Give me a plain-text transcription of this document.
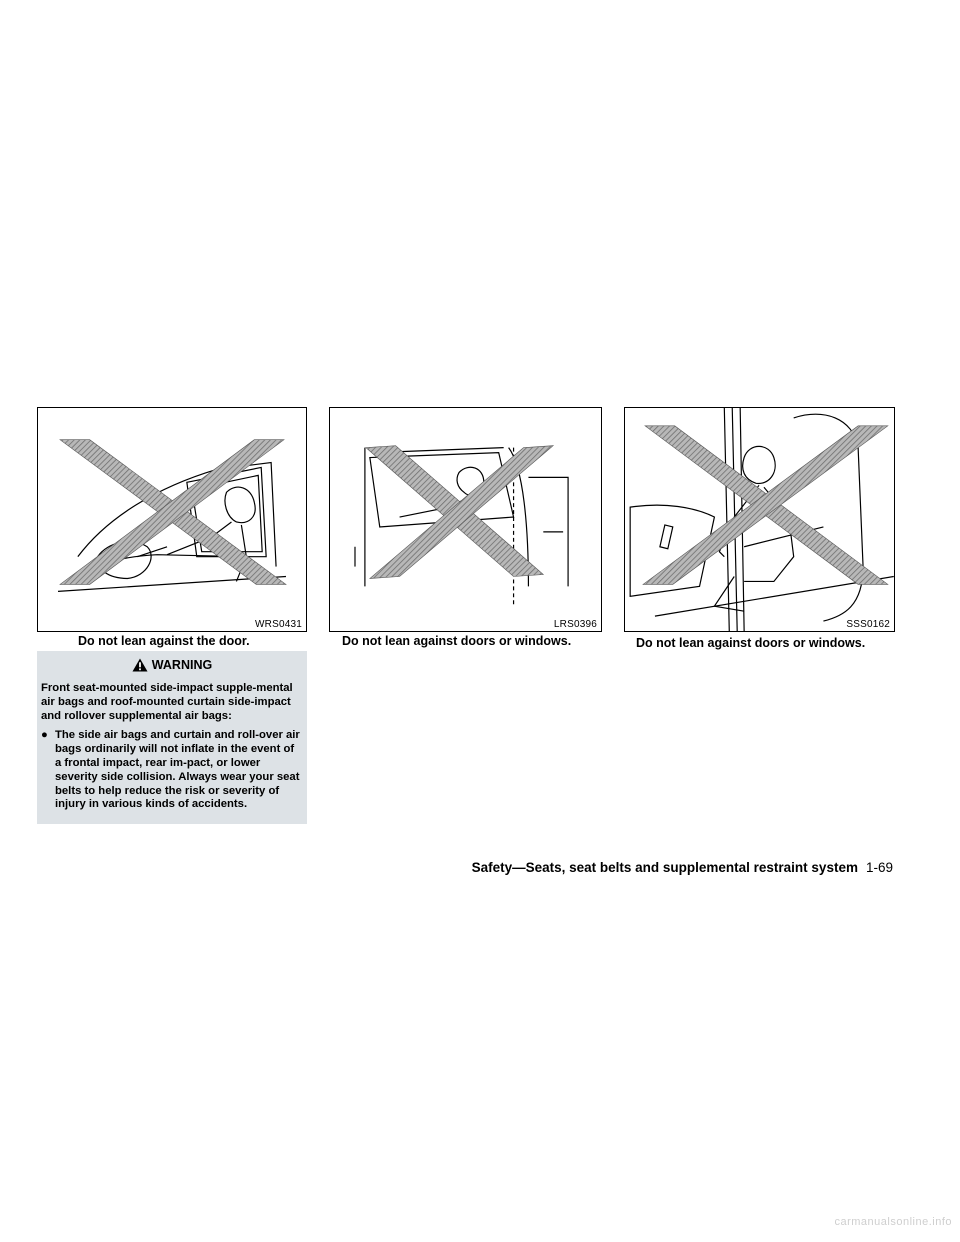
WRS0431
Do not lean against the door.
LRS0396
Do not lean against doors or windows.
SSS0162
Do not lean against doors or windows.
WARNING
Front seat-mounted side-impact supple-mental air bags and roof-mounted curtain side-impact and rollover supplemental air bags:
● The side air bags and curtain and roll-over air bags ordinarily will not inflate in the event of a frontal impact, rear im-pact, or lower severity side collision. Always wear your seat belts to help reduce the risk or severity of injury in various kinds of accidents.
Safety—Seats, seat belts and supplemental restraint system 1-69
carmanualsonline.info
